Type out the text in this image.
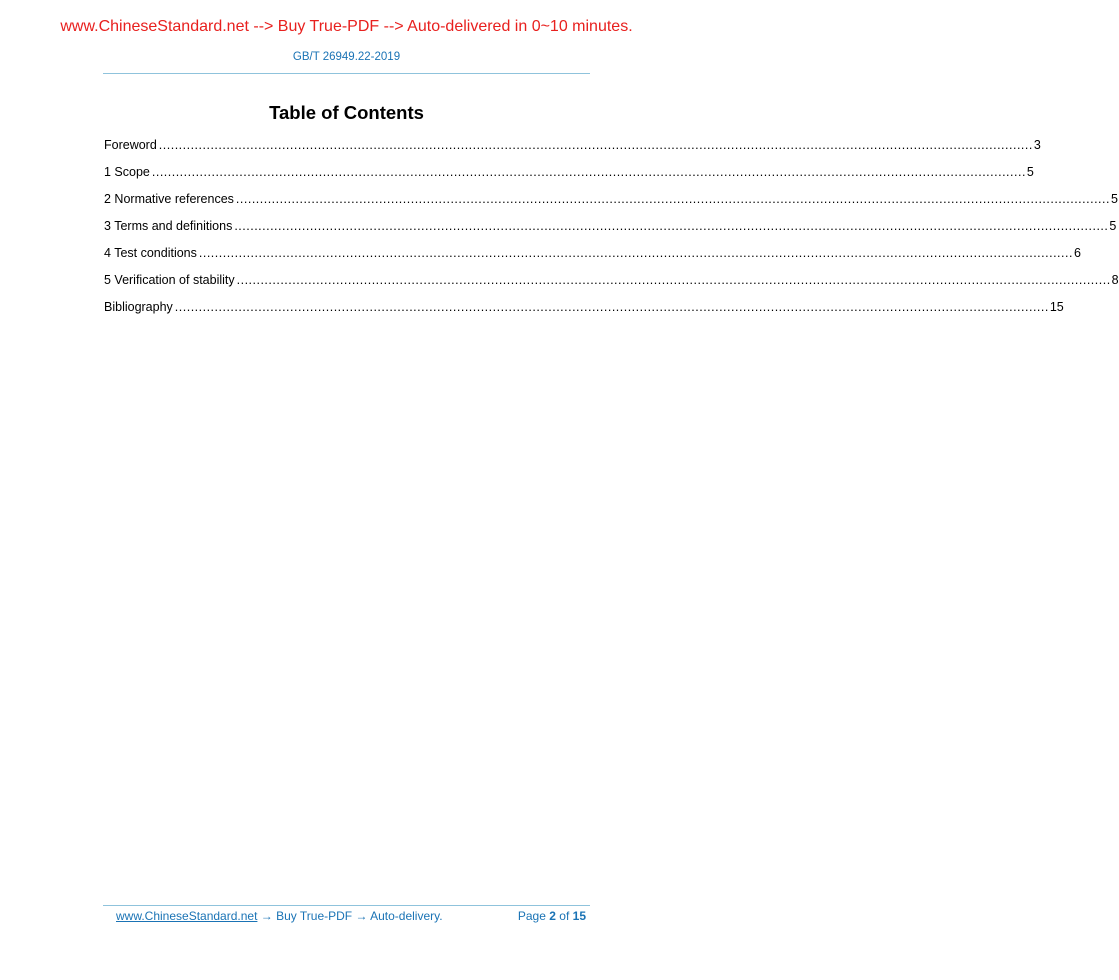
www.ChineseStandard.net --> Buy True-PDF --> Auto-delivered in 0~10 minutes.
GB/T 26949.22-2019
Table of Contents
Foreword ............................................................................................................................................................................................................................ 3
1 Scope ............................................................................................................................................................................................................................ 5
2 Normative references ............................................................................................................................................................................................................................ 5
3 Terms and definitions ............................................................................................................................................................................................................................ 5
4 Test conditions ............................................................................................................................................................................................................................ 6
5 Verification of stability ............................................................................................................................................................................................................................ 8
Bibliography ............................................................................................................................................................................................................................ 15
www.ChineseStandard.net → Buy True-PDF → Auto-delivery.	Page 2 of 15
